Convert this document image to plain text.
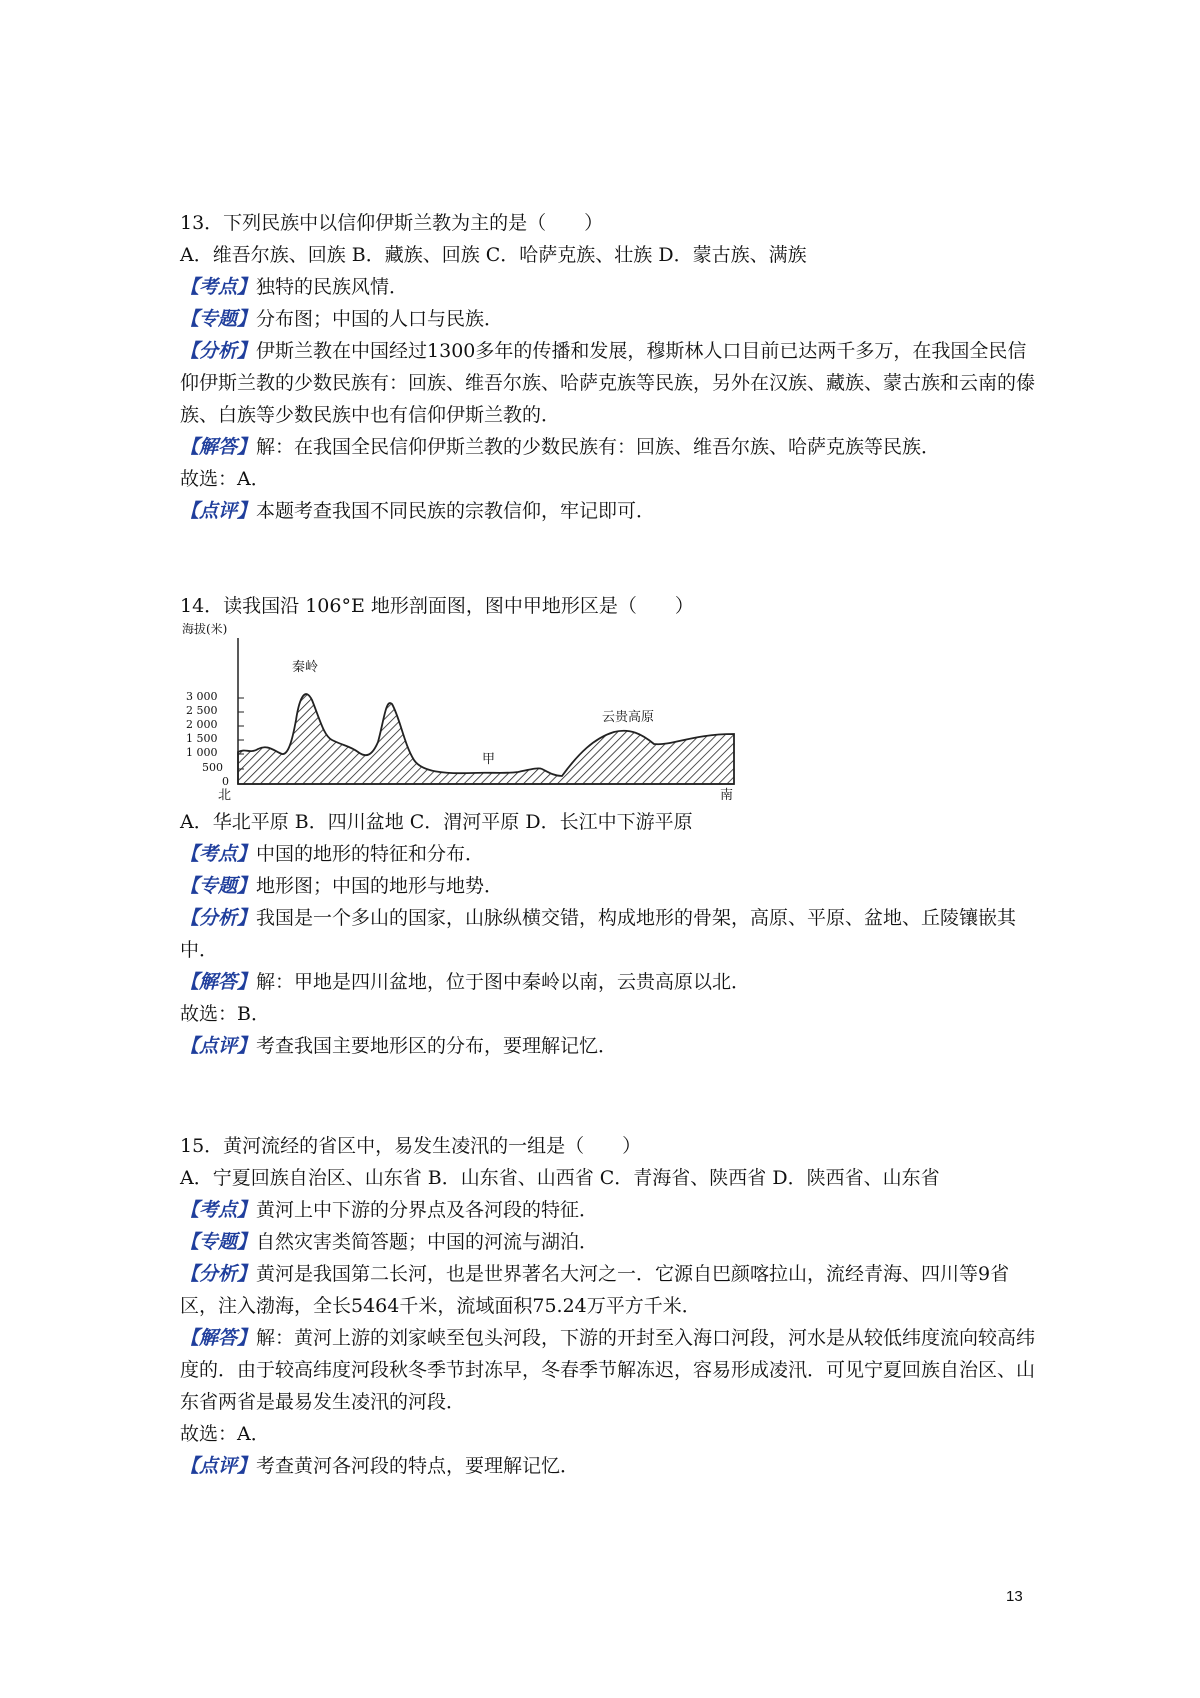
13．下列民族中以信仰伊斯兰教为主的是（　　）
A．维吾尔族、回族 B．藏族、回族 C．哈萨克族、壮族 D．蒙古族、满族
【考点】独特的民族风情．
【专题】分布图；中国的人口与民族．
【分析】伊斯兰教在中国经过1300多年的传播和发展，穆斯林人口目前已达两千多万，在我国全民信仰伊斯兰教的少数民族有：回族、维吾尔族、哈萨克族等民族，另外在汉族、藏族、蒙古族和云南的傣族、白族等少数民族中也有信仰伊斯兰教的．
【解答】解：在我国全民信仰伊斯兰教的少数民族有：回族、维吾尔族、哈萨克族等民族．
故选：A．
【点评】本题考查我国不同民族的宗教信仰，牢记即可．
14．读我国沿 106°E 地形剖面图，图中甲地形区是（　　）
海拔(米)
3 000
2 500
2 000
1 500
1 000
500
0
秦岭
云贵高原
甲
北	南
A．华北平原 B．四川盆地 C．渭河平原 D．长江中下游平原
【考点】中国的地形的特征和分布．
【专题】地形图；中国的地形与地势．
【分析】我国是一个多山的国家，山脉纵横交错，构成地形的骨架，高原、平原、盆地、丘陵镶嵌其中．
【解答】解：甲地是四川盆地，位于图中秦岭以南，云贵高原以北．
故选：B．
【点评】考查我国主要地形区的分布，要理解记忆．
15．黄河流经的省区中，易发生凌汛的一组是（　　）
A．宁夏回族自治区、山东省 B．山东省、山西省 C．青海省、陕西省 D．陕西省、山东省
【考点】黄河上中下游的分界点及各河段的特征．
【专题】自然灾害类简答题；中国的河流与湖泊．
【分析】黄河是我国第二长河，也是世界著名大河之一．它源自巴颜喀拉山，流经青海、四川等9省区，注入渤海，全长5464千米，流域面积75.24万平方千米．
【解答】解：黄河上游的刘家峡至包头河段，下游的开封至入海口河段，河水是从较低纬度流向较高纬度的．由于较高纬度河段秋冬季节封冻早，冬春季节解冻迟，容易形成凌汛．可见宁夏回族自治区、山东省两省是最易发生凌汛的河段．
故选：A．
【点评】考查黄河各河段的特点，要理解记忆．
13
